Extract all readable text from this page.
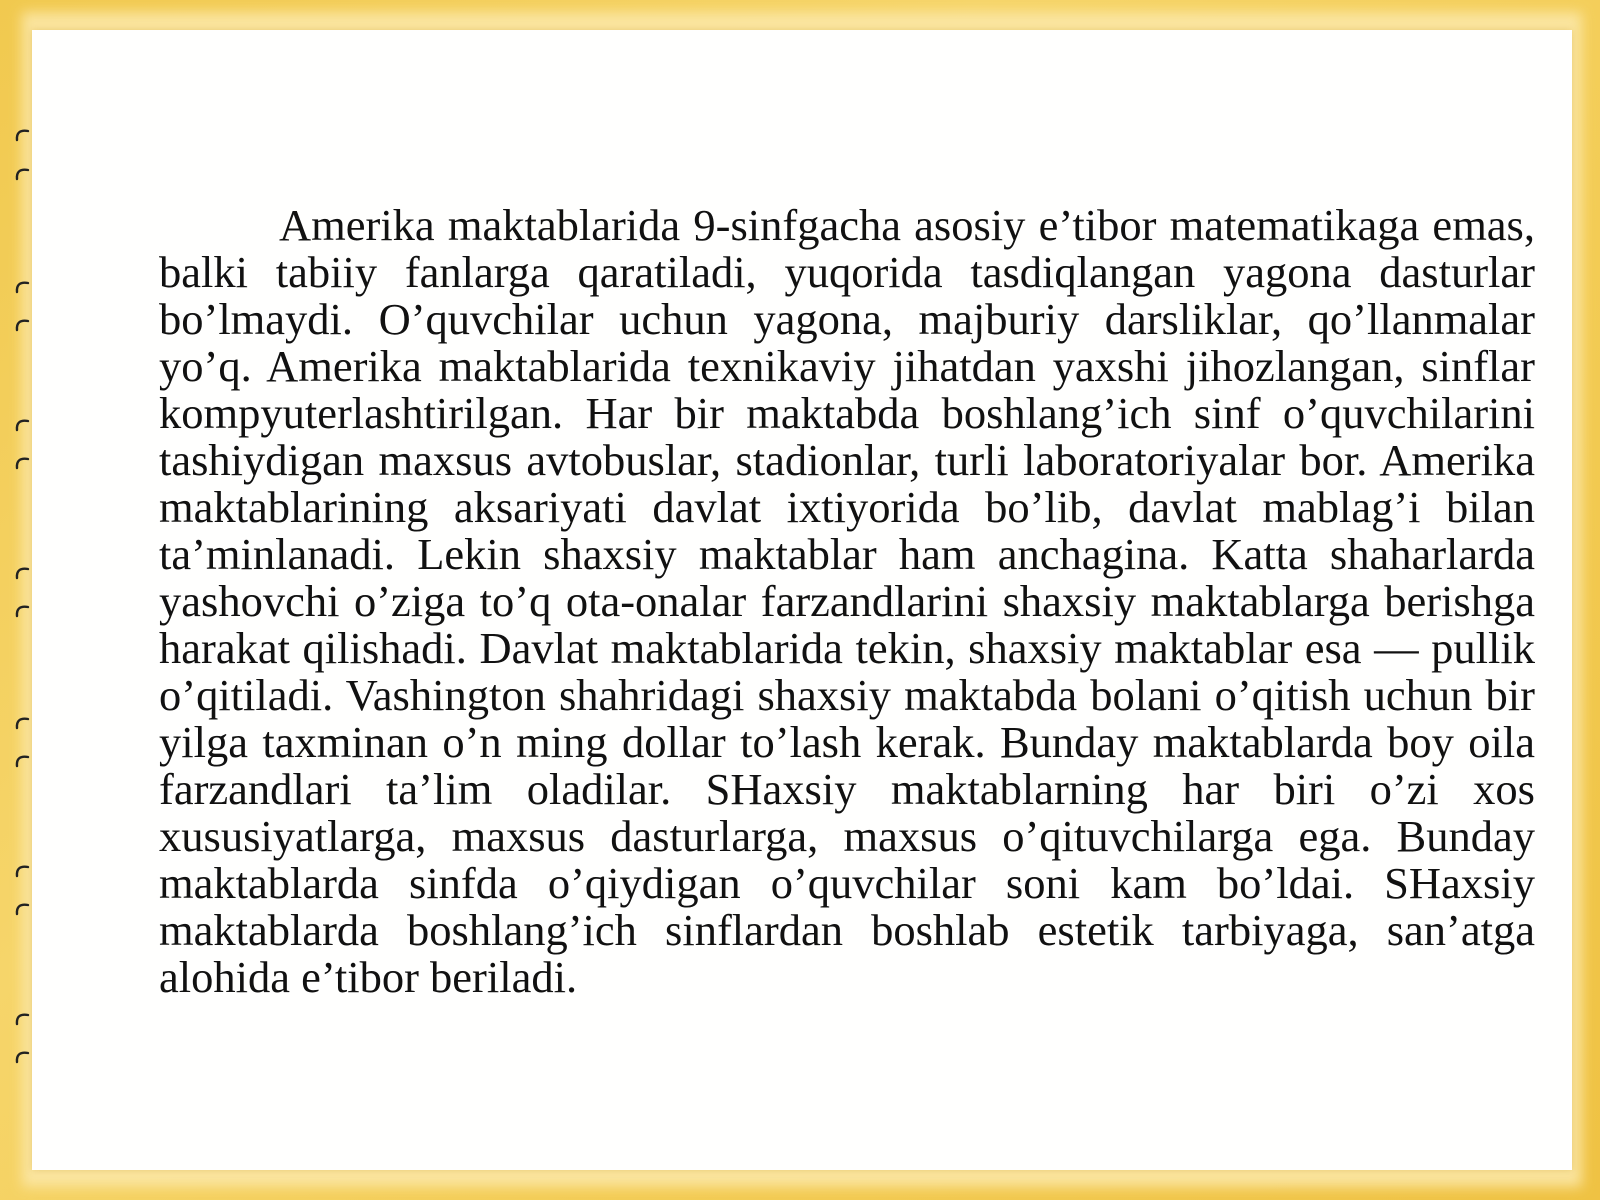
Amerika maktablarida 9-sinfgacha asosiy e’tibor matematikaga emas, balki tabiiy fanlarga qaratiladi, yuqorida tasdiqlangan yagona dasturlar bo’lmaydi. O’quvchilar uchun yagona, majburiy darsliklar, qo’llanmalar yo’q. Amerika maktablarida texnikaviy jihatdan yaxshi jihozlangan, sinflar kompyuterlashtirilgan. Har bir maktabda boshlang’ich sinf o’quvchilarini tashiydigan maxsus avtobuslar, stadionlar, turli laboratoriyalar bor. Amerika maktablarining aksariyati davlat ixtiyorida bo’lib, davlat mablag’i bilan ta’minlanadi. Lekin shaxsiy maktablar ham anchagina. Katta shaharlarda yashovchi o’ziga to’q ota-onalar farzandlarini shaxsiy maktablarga berishga harakat qilishadi. Davlat maktablarida tekin, shaxsiy maktablar esa — pullik o’qitiladi. Vashington shahridagi shaxsiy maktabda bolani o’qitish uchun bir yilga taxminan o’n ming dollar to’lash kerak. Bunday maktablarda boy oila farzandlari ta’lim oladilar. SHaxsiy maktablarning har biri o’zi xos xususiyatlarga, maxsus dasturlarga, maxsus o’qituvchilarga ega. Bunday maktablarda sinfda o’qiydigan o’quvchilar soni kam bo’ldai. SHaxsiy maktablarda boshlang’ich sinflardan boshlab estetik tarbiyaga, san’atga alohida e’tibor beriladi.
